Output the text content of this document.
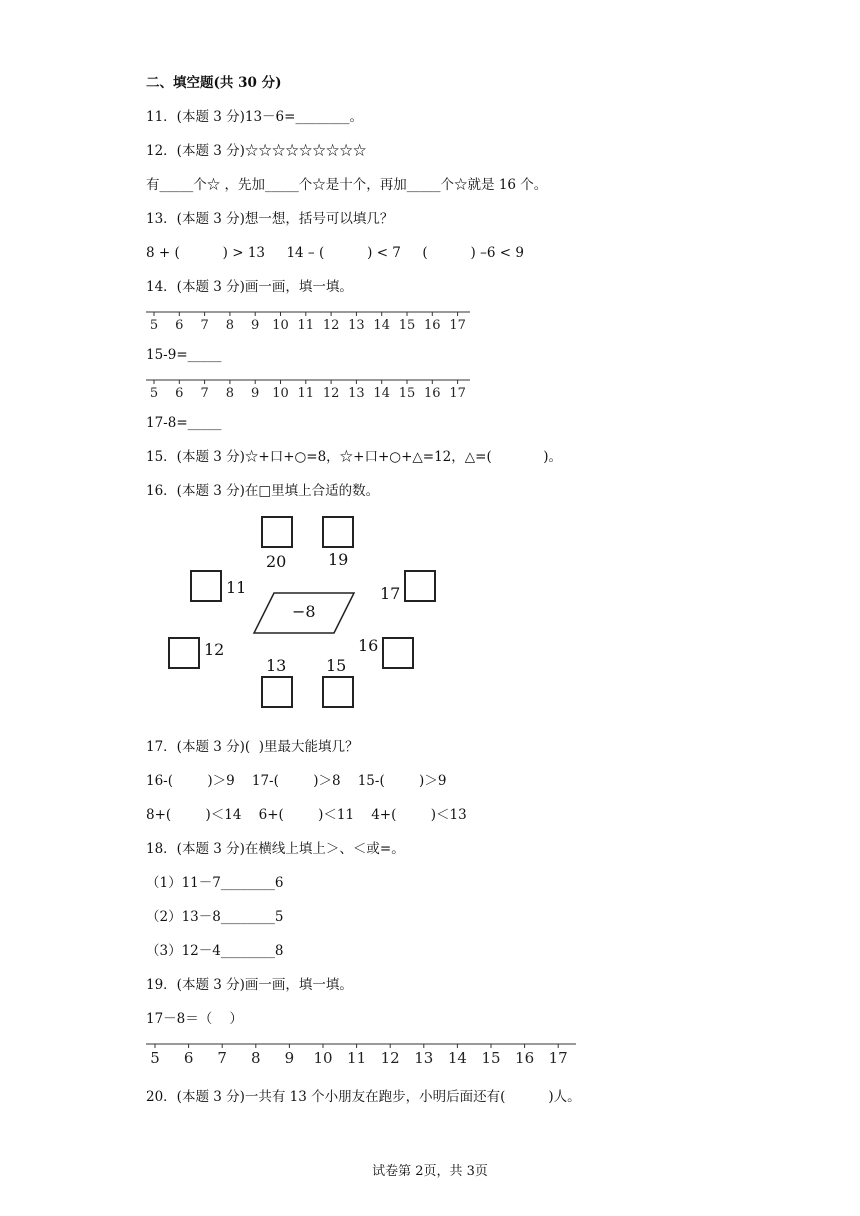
二、填空题(共 30 分)
11．(本题 3 分)13－6=________。
12．(本题 3 分)☆☆☆☆☆☆☆☆☆
有_____个☆ ，先加_____个☆是十个，再加_____个☆就是 16 个。
13．(本题 3 分)想一想，括号可以填几？
8 + (          ) > 13     14 – (          ) < 7     (          ) –6 < 9
14．(本题 3 分)画一画，填一填。
5 6 7 8 9 10 11 12 13 14 15 16 17
15-9=_____
5 6 7 8 9 10 11 12 13 14 15 16 17
17-8=_____
15．(本题 3 分)☆+口+○=8，☆+口+○+△=12，△=(            )。
16．(本题 3 分)在□里填上合适的数。
20	19
11	17
−8
12	16
13 15
17．(本题 3 分)(  )里最大能填几？
16-(        )＞9    17-(        )＞8    15-(        )＞9
8+(        )＜14    6+(        )＜11    4+(        )＜13
18．(本题 3 分)在横线上填上＞、＜或=。
（1）11－7________6
（2）13－8________5
（3）12－4________8
19．(本题 3 分)画一画，填一填。
17－8＝（    ）
5 6 7 8 9 10 11 12 13 14 15 16 17
20．(本题 3 分)一共有 13 个小朋友在跑步，小明后面还有(          )人。
试卷第 2页，共 3页
